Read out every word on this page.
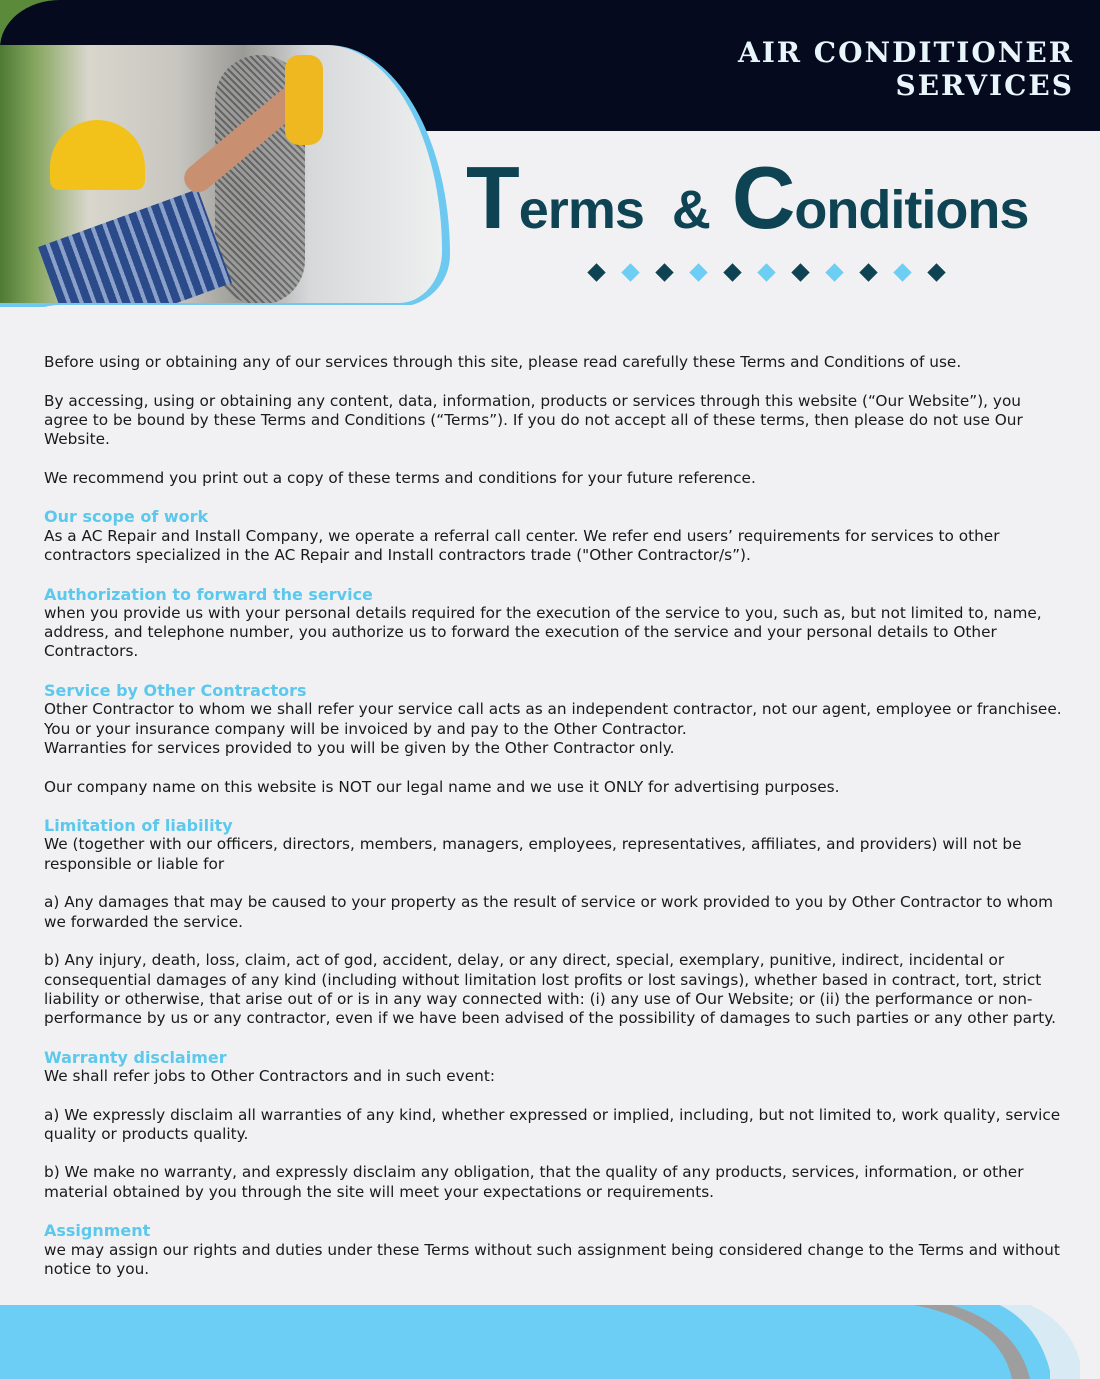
AIR CONDITIONER
SERVICES
Terms & Conditions

Before using or obtaining any of our services through this site, please read carefully these Terms and Conditions of use.

By accessing, using or obtaining any content, data, information, products or services through this website (“Our Website”), you agree to be bound by these Terms and Conditions (“Terms”). If you do not accept all of these terms, then please do not use Our Website.

We recommend you print out a copy of these terms and conditions for your future reference.

Our scope of work

As a AC Repair and Install Company, we operate a referral call center. We refer end users’ requirements for services to other contractors specialized in the AC Repair and Install contractors trade ("Other Contractor/s”).

Authorization to forward the service

when you provide us with your personal details required for the execution of the service to you, such as, but not limited to, name, address, and telephone number, you authorize us to forward the execution of the service and your personal details to Other Contractors.

Service by Other Contractors

Other Contractor to whom we shall refer your service call acts as an independent contractor, not our agent, employee or franchisee.
You or your insurance company will be invoiced by and pay to the Other Contractor.
Warranties for services provided to you will be given by the Other Contractor only.

Our company name on this website is NOT our legal name and we use it ONLY for advertising purposes.

Limitation of liability

We (together with our officers, directors, members, managers, employees, representatives, affiliates, and providers) will not be responsible or liable for

a) Any damages that may be caused to your property as the result of service or work provided to you by Other Contractor to whom we forwarded the service.

b) Any injury, death, loss, claim, act of god, accident, delay, or any direct, special, exemplary, punitive, indirect, incidental or consequential damages of any kind (including without limitation lost profits or lost savings), whether based in contract, tort, strict liability or otherwise, that arise out of or is in any way connected with: (i) any use of Our Website; or (ii) the performance or non-performance by us or any contractor, even if we have been advised of the possibility of damages to such parties or any other party.

Warranty disclaimer

We shall refer jobs to Other Contractors and in such event:

a) We expressly disclaim all warranties of any kind, whether expressed or implied, including, but not limited to, work quality, service quality or products quality.

b) We make no warranty, and expressly disclaim any obligation, that the quality of any products, services, information, or other material obtained by you through the site will meet your expectations or requirements.

Assignment

we may assign our rights and duties under these Terms without such assignment being considered change to the Terms and without notice to you.
